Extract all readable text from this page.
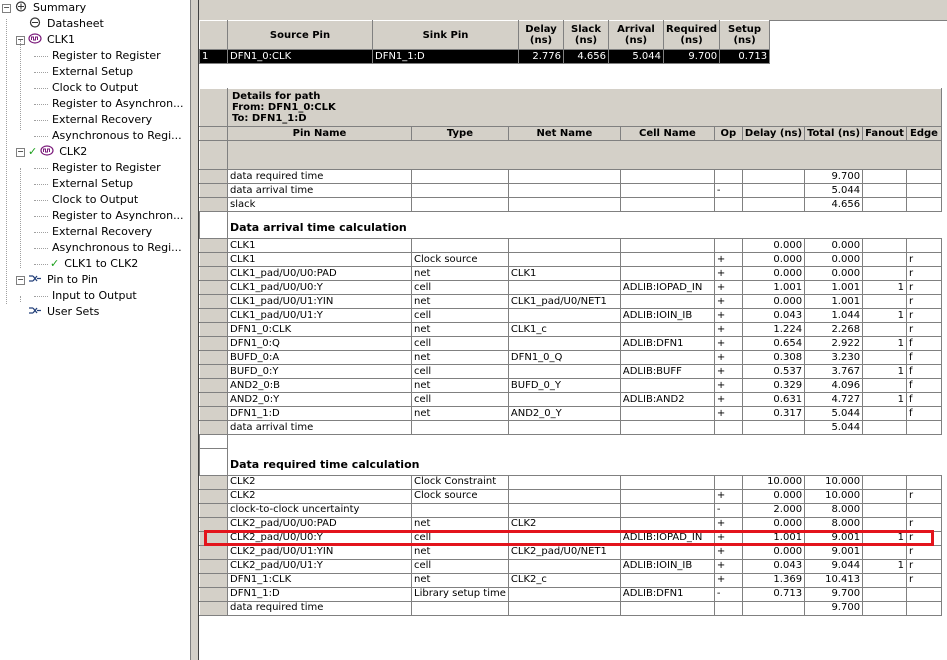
−	Summary
Datasheet
−	CLK1
Register to Register
External Setup
Clock to Output
Register to Asynchron...
External Recovery
Asynchronous to Regi...
− ✓ CLK2
Register to Register
External Setup
Clock to Output
Register to Asynchron...
External Recovery
Asynchronous to Regi...
✓ CLK1 to CLK2
−	Pin to Pin
Input to Output
User Sets
	Source Pin	Sink Pin	Delay (ns)	Slack (ns)	Arrival (ns)	Required (ns)	Setup (ns)
1	DFN1_0:CLK	DFN1_1:D	2.776	4.656	5.044	9.700	0.713

	Details for path
From: DFN1_0:CLK
To: DFN1_1:D								

	Pin Name	Type	Net Name	Cell Name	Op	Delay (ns)	Total (ns)	Fanout	Edge

	data required time						9.700		
	data arrival time				-		5.044		
	slack						4.656		
	Data arrival time calculation								
	CLK1					0.000	0.000		
	CLK1	Clock source			+	0.000	0.000		r
	CLK1_pad/U0/U0:PAD	net	CLK1		+	0.000	0.000		r
	CLK1_pad/U0/U0:Y	cell		ADLIB:IOPAD_IN	+	1.001	1.001	1	r
	CLK1_pad/U0/U1:YIN	net	CLK1_pad/U0/NET1		+	0.000	1.001		r
	CLK1_pad/U0/U1:Y	cell		ADLIB:IOIN_IB	+	0.043	1.044	1	r
	DFN1_0:CLK	net	CLK1_c		+	1.224	2.268		r
	DFN1_0:Q	cell		ADLIB:DFN1	+	0.654	2.922	1	f
	BUFD_0:A	net	DFN1_0_Q		+	0.308	3.230		f
	BUFD_0:Y	cell		ADLIB:BUFF	+	0.537	3.767	1	f
	AND2_0:B	net	BUFD_0_Y		+	0.329	4.096		f
	AND2_0:Y	cell		ADLIB:AND2	+	0.631	4.727	1	f
	DFN1_1:D	net	AND2_0_Y		+	0.317	5.044		f
	data arrival time						5.044		

	Data required time calculation								
	CLK2	Clock Constraint				10.000	10.000		
	CLK2	Clock source			+	0.000	10.000		r
	clock-to-clock uncertainty				-	2.000	8.000		
	CLK2_pad/U0/U0:PAD	net	CLK2		+	0.000	8.000		r
	CLK2_pad/U0/U0:Y	cell		ADLIB:IOPAD_IN	+	1.001	9.001	1	r
	CLK2_pad/U0/U1:YIN	net	CLK2_pad/U0/NET1		+	0.000	9.001		r
	CLK2_pad/U0/U1:Y	cell		ADLIB:IOIN_IB	+	0.043	9.044	1	r
	DFN1_1:CLK	net	CLK2_c		+	1.369	10.413		r
	DFN1_1:D	Library setup time		ADLIB:DFN1	-	0.713	9.700		
	data required time						9.700		
